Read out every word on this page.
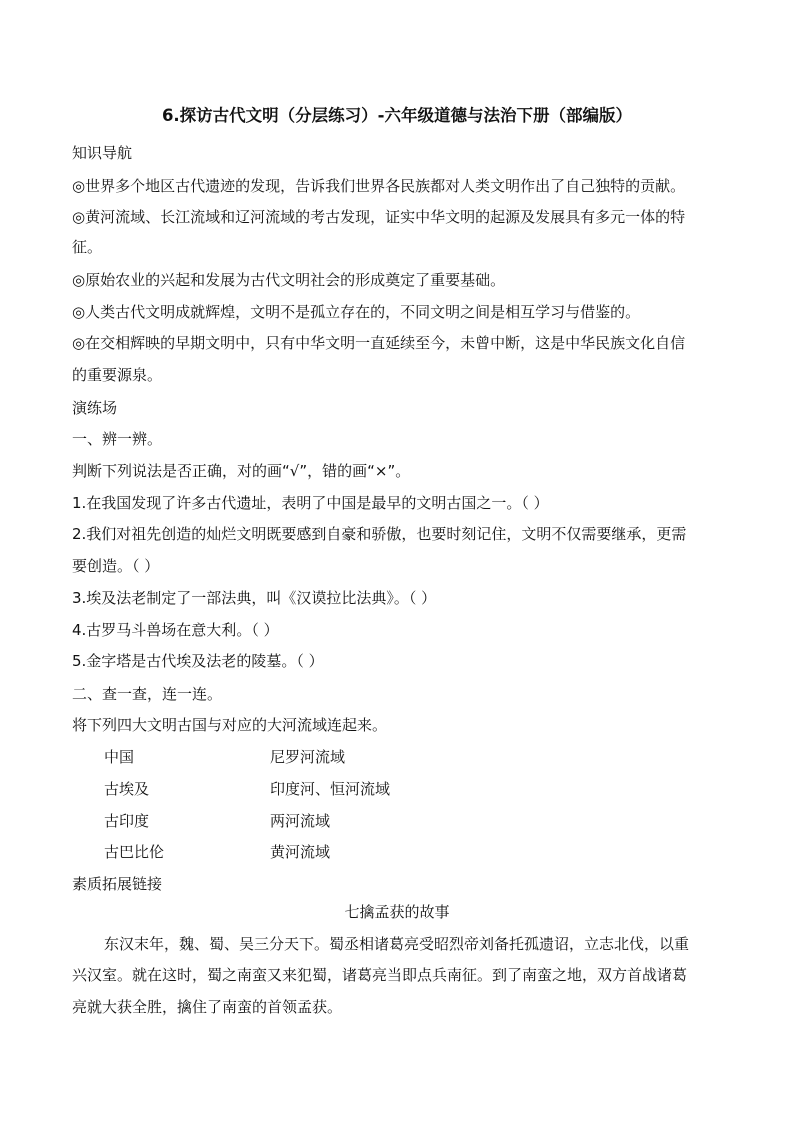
6.探访古代文明（分层练习）-六年级道德与法治下册（部编版）
知识导航
◎世界多个地区古代遗迹的发现，告诉我们世界各民族都对人类文明作出了自己独特的贡献。
◎黄河流域、长江流域和辽河流域的考古发现，证实中华文明的起源及发展具有多元一体的特
征。
◎原始农业的兴起和发展为古代文明社会的形成奠定了重要基础。
◎人类古代文明成就辉煌，文明不是孤立存在的，不同文明之间是相互学习与借鉴的。
◎在交相辉映的早期文明中，只有中华文明一直延续至今，未曾中断，这是中华民族文化自信
的重要源泉。
演练场
一、辨一辨。
判断下列说法是否正确，对的画“√”，错的画“×”。
1.在我国发现了许多古代遗址，表明了中国是最早的文明古国之一。（ ）
2.我们对祖先创造的灿烂文明既要感到自豪和骄傲，也要时刻记住，文明不仅需要继承，更需
要创造。（ ）
3.埃及法老制定了一部法典，叫《汉谟拉比法典》。（ ）
4.古罗马斗兽场在意大利。（ ）
5.金字塔是古代埃及法老的陵墓。（ ）
二、查一查，连一连。
将下列四大文明古国与对应的大河流域连起来。
中国	尼罗河流域
古埃及	印度河、恒河流域
古印度	两河流域
古巴比伦	黄河流域
素质拓展链接
七擒孟获的故事
东汉末年，魏、蜀、吴三分天下。蜀丞相诸葛亮受昭烈帝刘备托孤遗诏，立志北伐，以重
兴汉室。就在这时，蜀之南蛮又来犯蜀，诸葛亮当即点兵南征。到了南蛮之地，双方首战诸葛
亮就大获全胜，擒住了南蛮的首领孟获。
